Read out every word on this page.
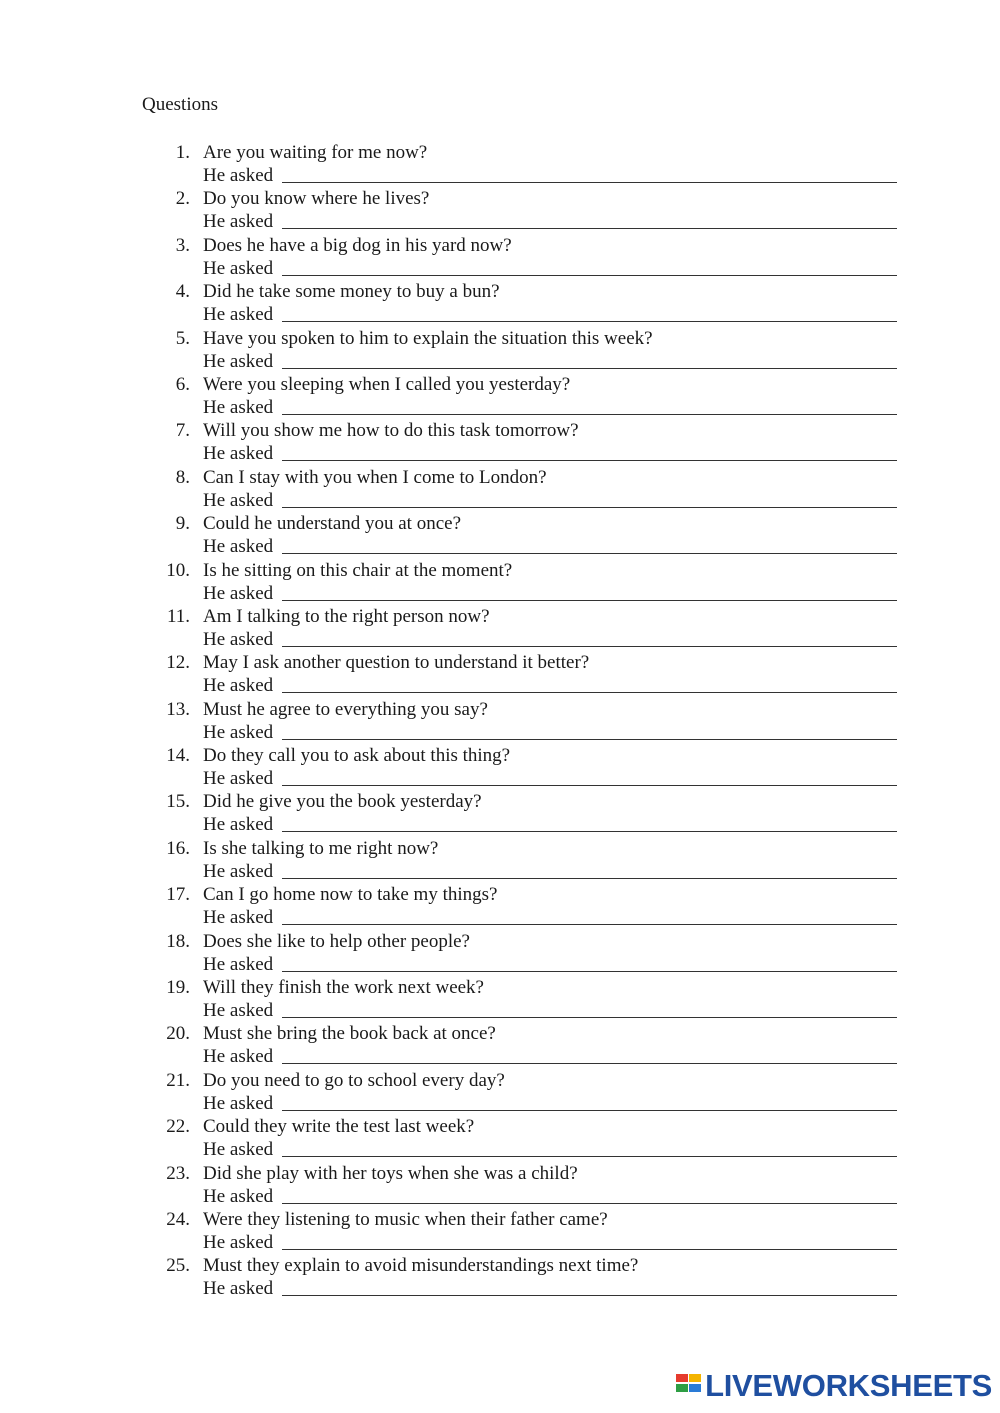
Questions
1. Are you waiting for me now?
He asked
2. Do you know where he lives?
He asked
3. Does he have a big dog in his yard now?
He asked
4. Did he take some money to buy a bun?
He asked
5. Have you spoken to him to explain the situation this week?
He asked
6. Were you sleeping when I called you yesterday?
He asked
7. Will you show me how to do this task tomorrow?
He asked
8. Can I stay with you when I come to London?
He asked
9. Could he understand you at once?
He asked
10. Is he sitting on this chair at the moment?
He asked
11. Am I talking to the right person now?
He asked
12. May I ask another question to understand it better?
He asked
13. Must he agree to everything you say?
He asked
14. Do they call you to ask about this thing?
He asked
15. Did he give you the book yesterday?
He asked
16. Is she talking to me right now?
He asked
17. Can I go home now to take my things?
He asked
18. Does she like to help other people?
He asked
19. Will they finish the work next week?
He asked
20. Must she bring the book back at once?
He asked
21. Do you need to go to school every day?
He asked
22. Could they write the test last week?
He asked
23. Did she play with her toys when she was a child?
He asked
24. Were they listening to music when their father came?
He asked
25. Must they explain to avoid misunderstandings next time?
He asked
LIVEWORKSHEETS
